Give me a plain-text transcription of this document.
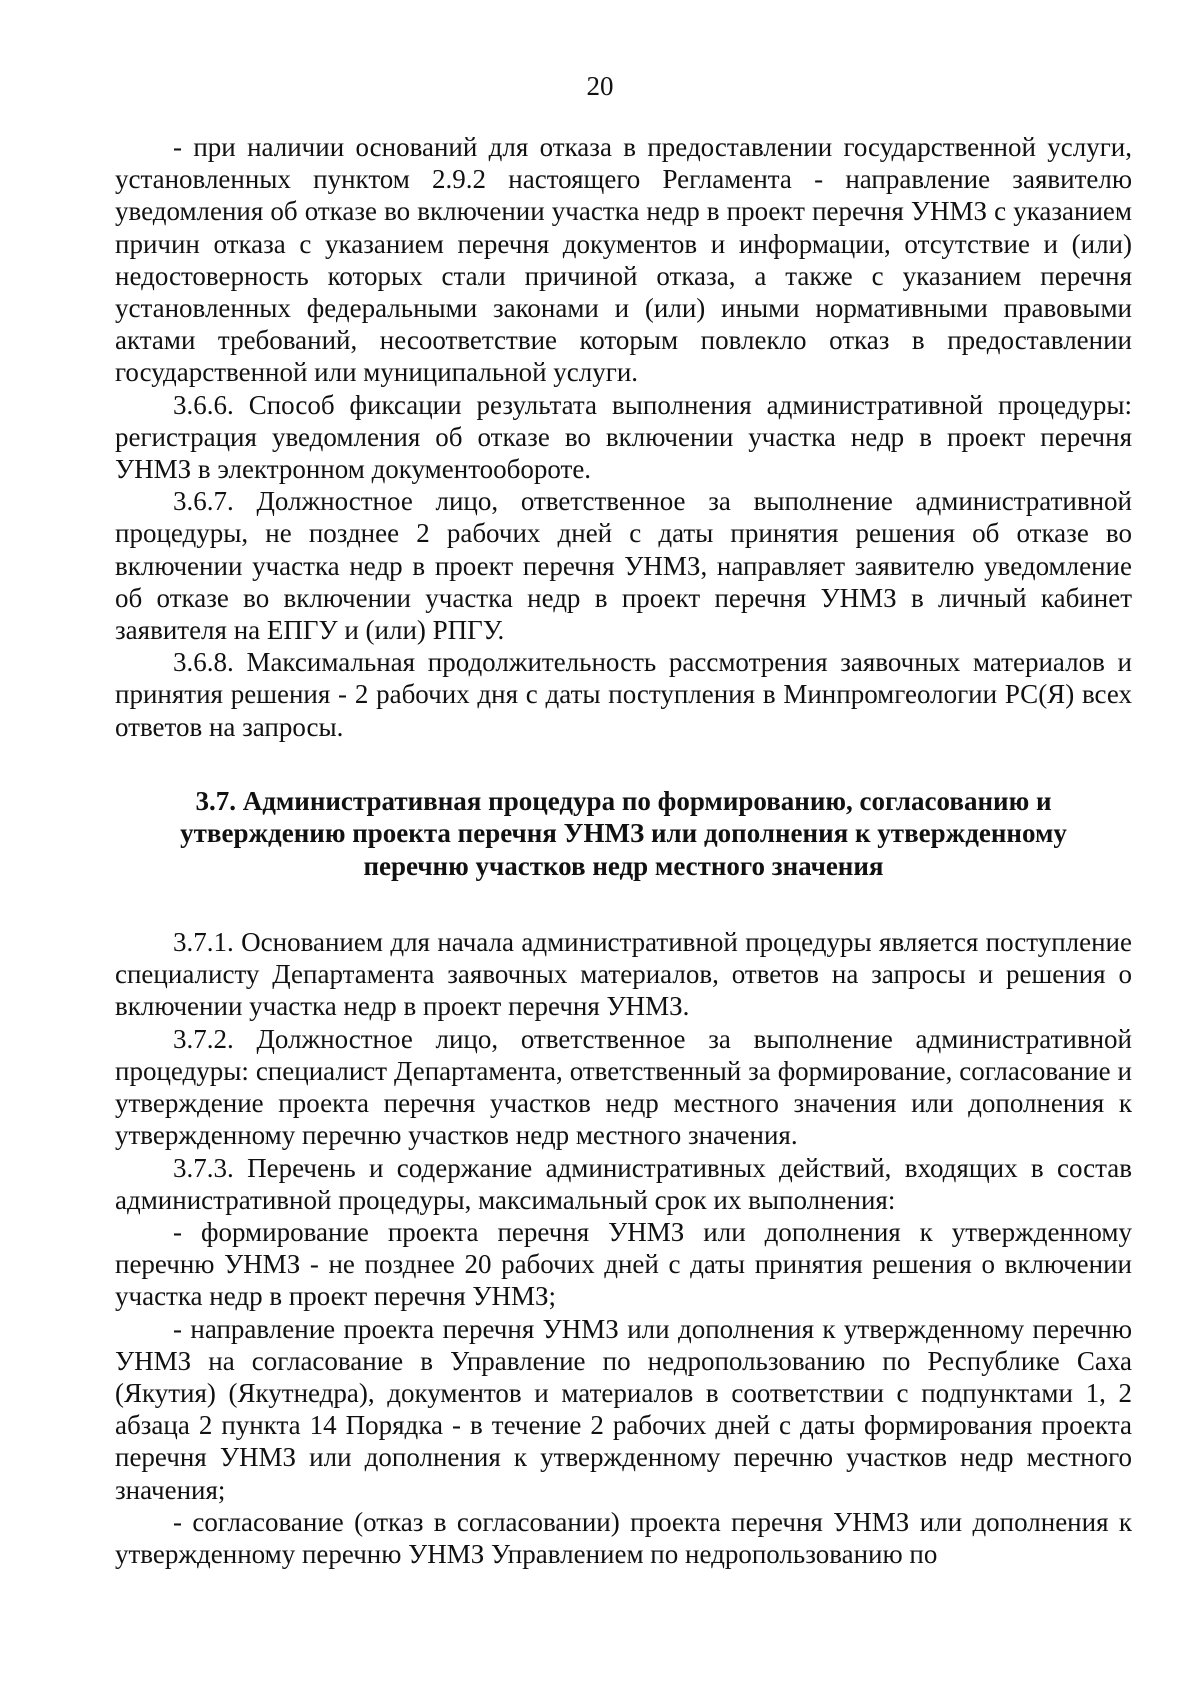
20

- при наличии оснований для отказа в предоставлении государственной услуги, установленных пунктом 2.9.2 настоящего Регламента - направление заявителю уведомления об отказе во включении участка недр в проект перечня УНМЗ с указанием причин отказа с указанием перечня документов и информации, отсутствие и (или) недостоверность которых стали причиной отказа, а также с указанием перечня установленных федеральными законами и (или) иными нормативными правовыми актами требований, несоответствие которым повлекло отказ в предоставлении государственной или муниципальной услуги.

3.6.6. Способ фиксации результата выполнения административной процедуры: регистрация уведомления об отказе во включении участка недр в проект перечня УНМЗ в электронном документообороте.

3.6.7. Должностное лицо, ответственное за выполнение административной процедуры, не позднее 2 рабочих дней с даты принятия решения об отказе во включении участка недр в проект перечня УНМЗ, направляет заявителю уведомление об отказе во включении участка недр в проект перечня УНМЗ в личный кабинет заявителя на ЕПГУ и (или) РПГУ.

3.6.8. Максимальная продолжительность рассмотрения заявочных материалов и принятия решения - 2 рабочих дня с даты поступления в Минпромгеологии РС(Я) всех ответов на запросы.

3.7. Административная процедура по формированию, согласованию и утверждению проекта перечня УНМЗ или дополнения к утвержденному перечню участков недр местного значения

3.7.1. Основанием для начала административной процедуры является поступление специалисту Департамента заявочных материалов, ответов на запросы и решения о включении участка недр в проект перечня УНМЗ.

3.7.2. Должностное лицо, ответственное за выполнение административной процедуры: специалист Департамента, ответственный за формирование, согласование и утверждение проекта перечня участков недр местного значения или дополнения к утвержденному перечню участков недр местного значения.

3.7.3. Перечень и содержание административных действий, входящих в состав административной процедуры, максимальный срок их выполнения:

- формирование проекта перечня УНМЗ или дополнения к утвержденному перечню УНМЗ - не позднее 20 рабочих дней с даты принятия решения о включении участка недр в проект перечня УНМЗ;

- направление проекта перечня УНМЗ или дополнения к утвержденному перечню УНМЗ на согласование в Управление по недропользованию по Республике Саха (Якутия) (Якутнедра), документов и материалов в соответствии с подпунктами 1, 2 абзаца 2 пункта 14 Порядка - в течение 2 рабочих дней с даты формирования проекта перечня УНМЗ или дополнения к утвержденному перечню участков недр местного значения;

- согласование (отказ в согласовании) проекта перечня УНМЗ или дополнения к утвержденному перечню УНМЗ Управлением по недропользованию по
